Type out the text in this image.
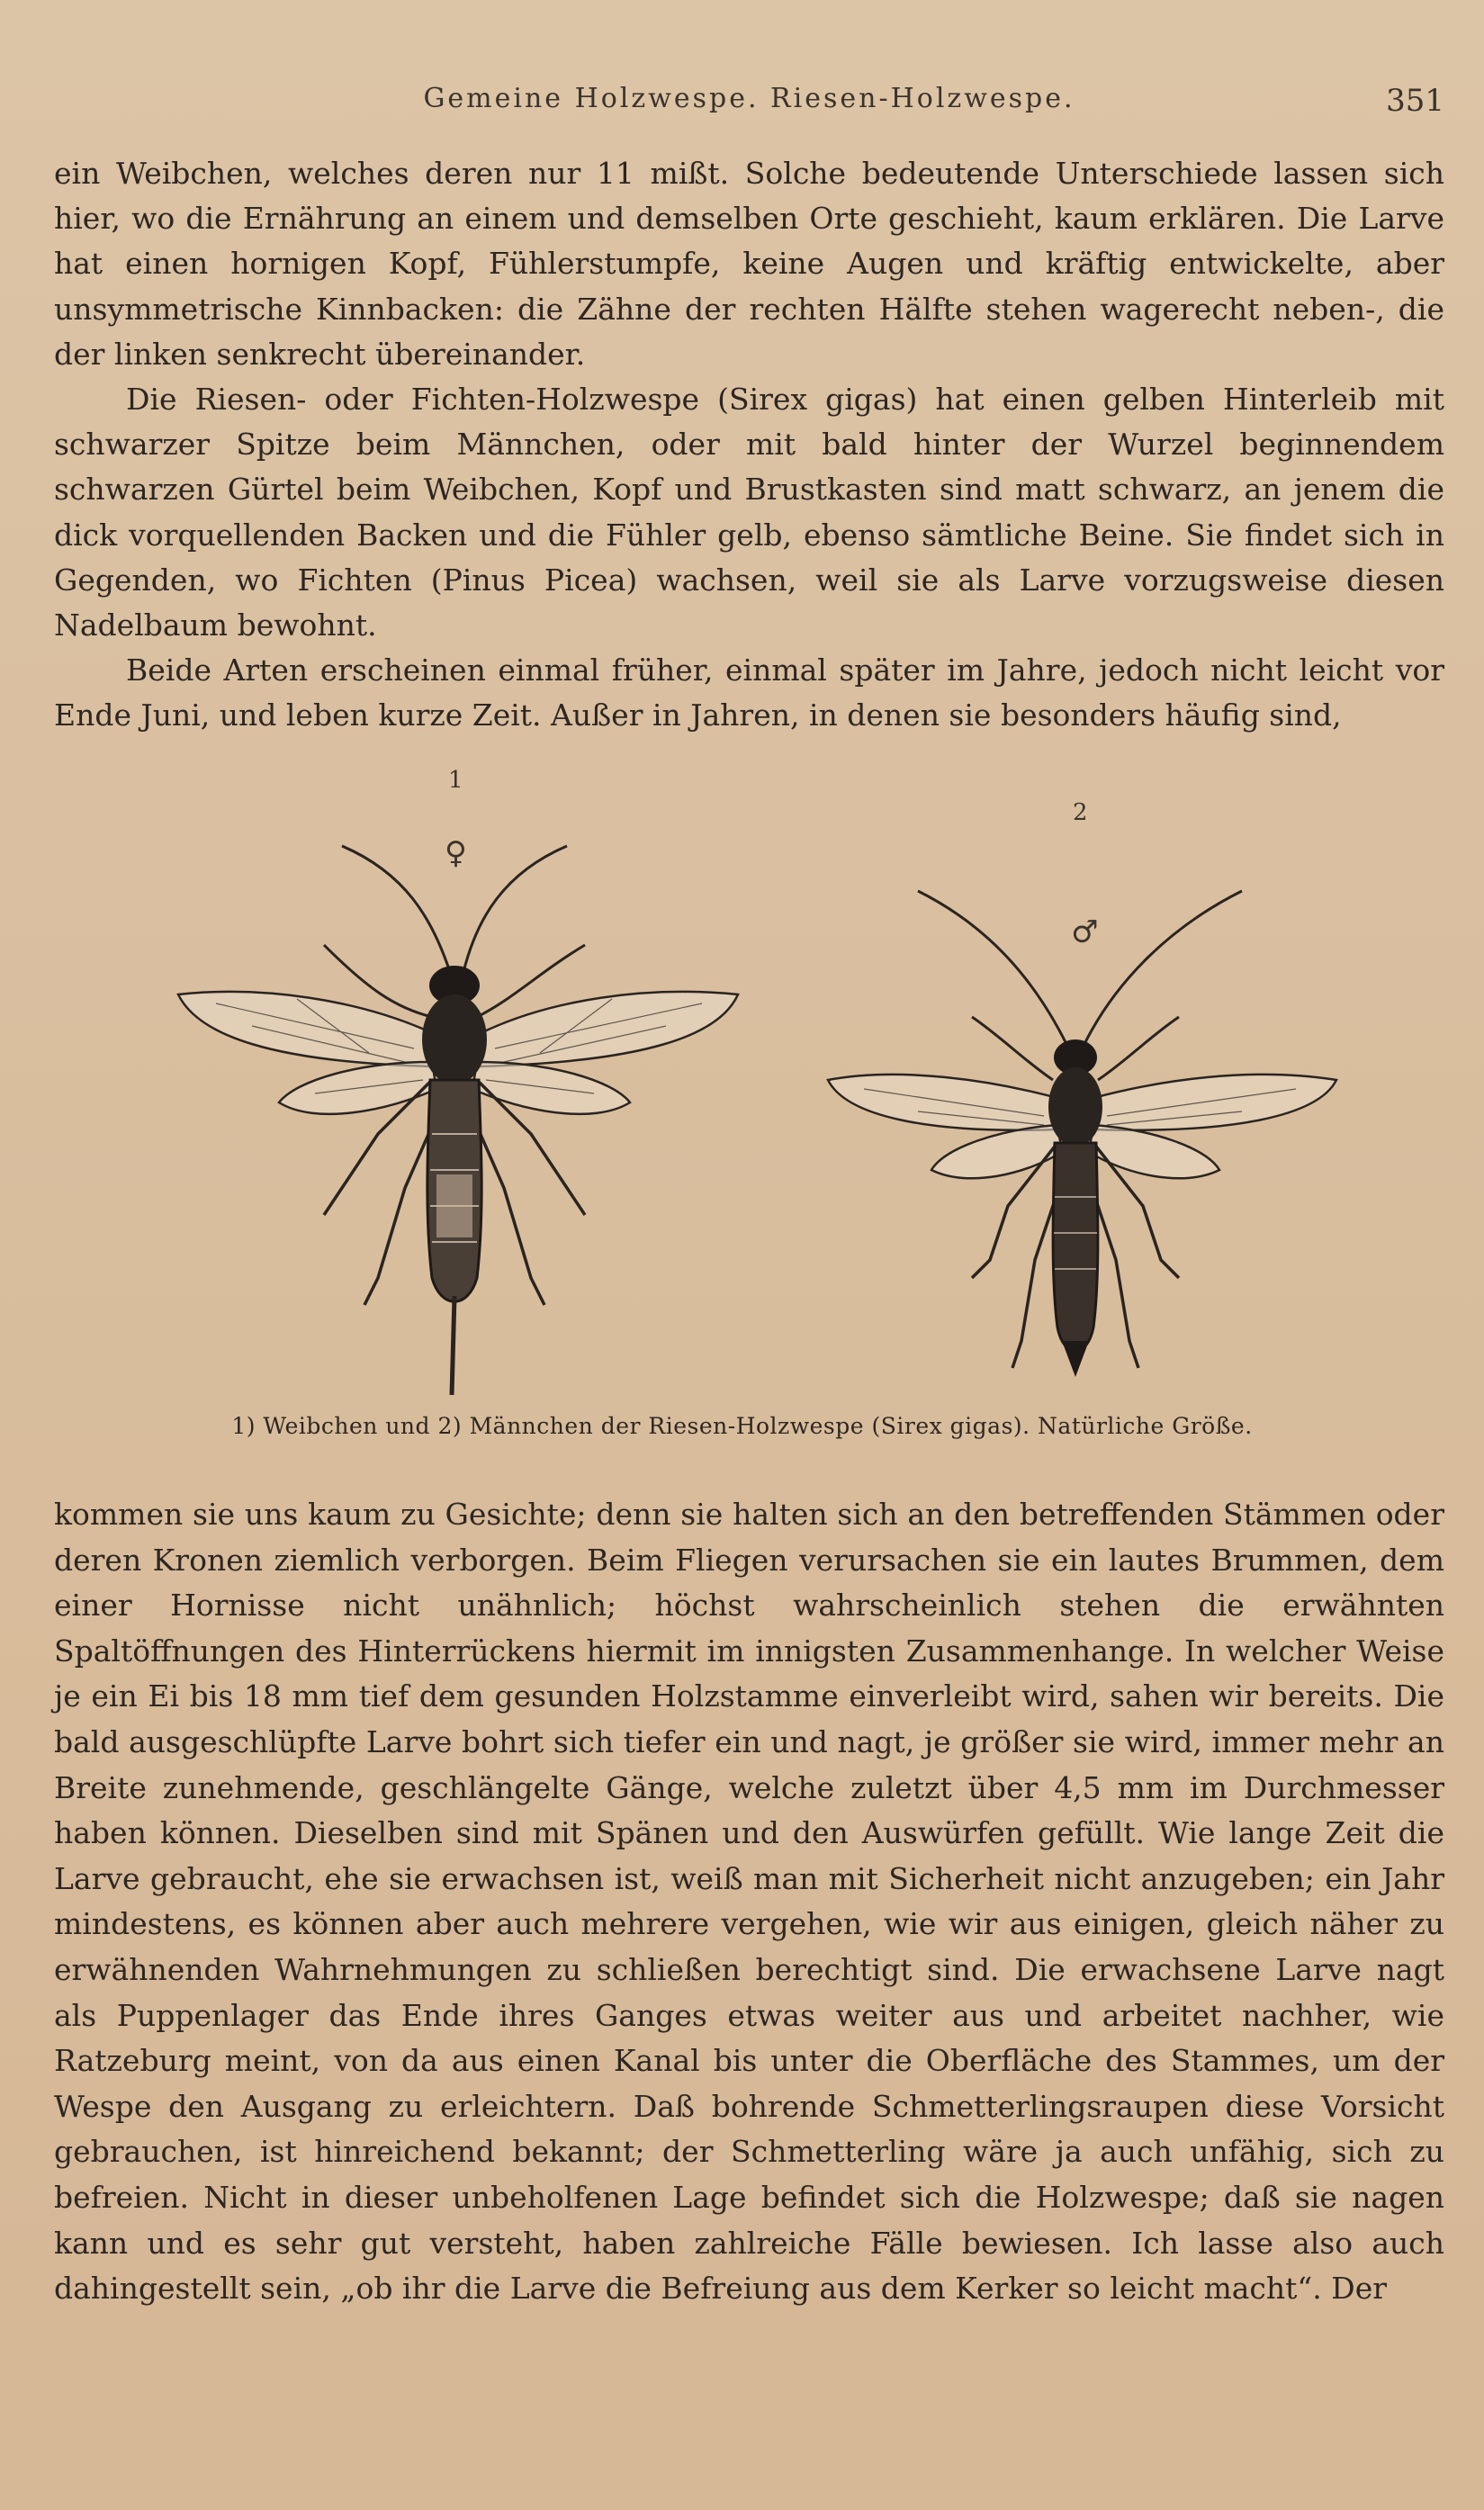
Gemeine Holzwespe. Riesen-Holzwespe.	351

ein Weibchen, welches deren nur 11 mißt. Solche bedeutende Unterschiede lassen sich hier, wo die Ernährung an einem und demselben Orte geschieht, kaum erklären. Die Larve hat einen hornigen Kopf, Fühlerstumpfe, keine Augen und kräftig entwickelte, aber unsymmetrische Kinnbacken: die Zähne der rechten Hälfte stehen wagerecht neben-, die der linken senkrecht übereinander.

Die Riesen- oder Fichten-Holzwespe (Sirex gigas) hat einen gelben Hinterleib mit schwarzer Spitze beim Männchen, oder mit bald hinter der Wurzel beginnendem schwarzen Gürtel beim Weibchen, Kopf und Brustkasten sind matt schwarz, an jenem die dick vorquellenden Backen und die Fühler gelb, ebenso sämtliche Beine. Sie findet sich in Gegenden, wo Fichten (Pinus Picea) wachsen, weil sie als Larve vorzugsweise diesen Nadelbaum bewohnt.

Beide Arten erscheinen einmal früher, einmal später im Jahre, jedoch nicht leicht vor Ende Juni, und leben kurze Zeit. Außer in Jahren, in denen sie besonders häufig sind,

1
2
♀
♂
1) Weibchen und 2) Männchen der Riesen-Holzwespe (Sirex gigas). Natürliche Größe.

kommen sie uns kaum zu Gesichte; denn sie halten sich an den betreffenden Stämmen oder deren Kronen ziemlich verborgen. Beim Fliegen verursachen sie ein lautes Brummen, dem einer Hornisse nicht unähnlich; höchst wahrscheinlich stehen die erwähnten Spaltöffnungen des Hinterrückens hiermit im innigsten Zusammenhange. In welcher Weise je ein Ei bis 18 mm tief dem gesunden Holzstamme einverleibt wird, sahen wir bereits. Die bald ausgeschlüpfte Larve bohrt sich tiefer ein und nagt, je größer sie wird, immer mehr an Breite zunehmende, geschlängelte Gänge, welche zuletzt über 4,5 mm im Durchmesser haben können. Dieselben sind mit Spänen und den Auswürfen gefüllt. Wie lange Zeit die Larve gebraucht, ehe sie erwachsen ist, weiß man mit Sicherheit nicht anzugeben; ein Jahr mindestens, es können aber auch mehrere vergehen, wie wir aus einigen, gleich näher zu erwähnenden Wahrnehmungen zu schließen berechtigt sind. Die erwachsene Larve nagt als Puppenlager das Ende ihres Ganges etwas weiter aus und arbeitet nachher, wie Ratzeburg meint, von da aus einen Kanal bis unter die Oberfläche des Stammes, um der Wespe den Ausgang zu erleichtern. Daß bohrende Schmetterlingsraupen diese Vorsicht gebrauchen, ist hinreichend bekannt; der Schmetterling wäre ja auch unfähig, sich zu befreien. Nicht in dieser unbeholfenen Lage befindet sich die Holzwespe; daß sie nagen kann und es sehr gut versteht, haben zahlreiche Fälle bewiesen. Ich lasse also auch dahingestellt sein, „ob ihr die Larve die Befreiung aus dem Kerker so leicht macht“. Der
